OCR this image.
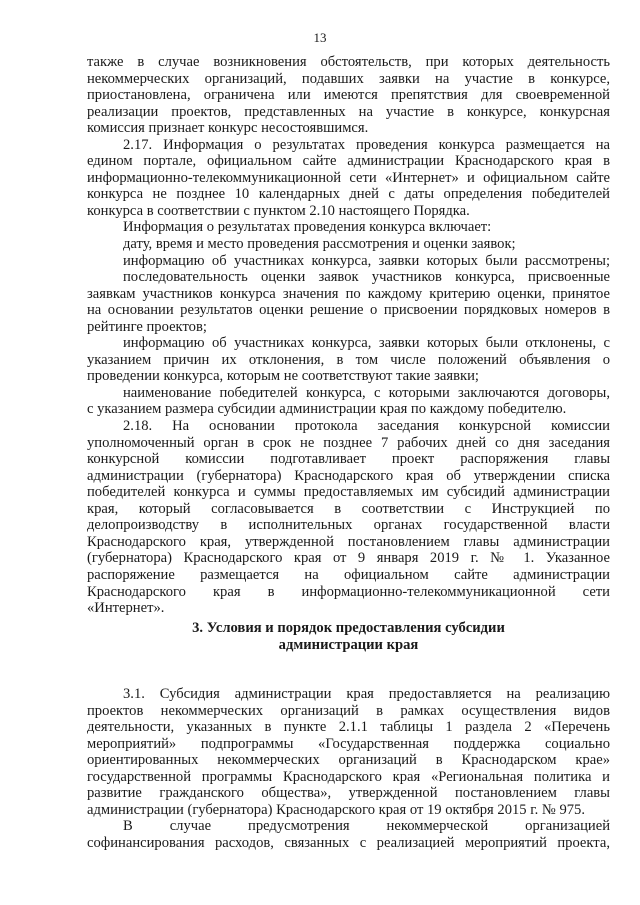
13

также в случае возникновения обстоятельств, при которых деятельность

некоммерческих организаций, подавших заявки на участие в конкурсе,

приостановлена, ограничена или имеются препятствия для своевременной

реализации проектов, представленных на участие в конкурсе, конкурсная

комиссия признает конкурс несостоявшимся.

2.17. Информация о результатах проведения конкурса размещается на

едином портале, официальном сайте администрации Краснодарского края в

информационно-телекоммуникационной сети «Интернет» и официальном сайте

конкурса не позднее 10 календарных дней с даты определения победителей

конкурса в соответствии с пунктом 2.10 настоящего Порядка.

Информация о результатах проведения конкурса включает:

дату, время и место проведения рассмотрения и оценки заявок;

информацию об участниках конкурса, заявки которых были рассмотрены;

последовательность оценки заявок участников конкурса, присвоенные

заявкам участников конкурса значения по каждому критерию оценки, принятое

на основании результатов оценки решение о присвоении порядковых номеров в

рейтинге проектов;

информацию об участниках конкурса, заявки которых были отклонены, с

указанием причин их отклонения, в том числе положений объявления о

проведении конкурса, которым не соответствуют такие заявки;

наименование победителей конкурса, с которыми заключаются договоры,

с указанием размера субсидии администрации края по каждому победителю.

2.18. На основании протокола заседания конкурсной комиссии

уполномоченный орган в срок не позднее 7 рабочих дней со дня заседания

конкурсной комиссии подготавливает проект распоряжения главы

администрации (губернатора) Краснодарского края об утверждении списка

победителей конкурса и суммы предоставляемых им субсидий администрации

края, который согласовывается в соответствии с Инструкцией по

делопроизводству в исполнительных органах государственной власти

Краснодарского края, утвержденной постановлением главы администрации

(губернатора) Краснодарского края от 9 января 2019 г. № 1. Указанное

распоряжение размещается на официальном сайте администрации

Краснодарского края в информационно-телекоммуникационной сети

«Интернет».

3. Условия и порядок предоставления субсидии
администрации края

3.1. Субсидия администрации края предоставляется на реализацию

проектов некоммерческих организаций в рамках осуществления видов

деятельности, указанных в пункте 2.1.1 таблицы 1 раздела 2 «Перечень

мероприятий» подпрограммы «Государственная поддержка социально

ориентированных некоммерческих организаций в Краснодарском крае»

государственной программы Краснодарского края «Региональная политика и

развитие гражданского общества», утвержденной постановлением главы

администрации (губернатора) Краснодарского края от 19 октября 2015 г. № 975.

В случае предусмотрения некоммерческой организацией

софинансирования расходов, связанных с реализацией мероприятий проекта,
